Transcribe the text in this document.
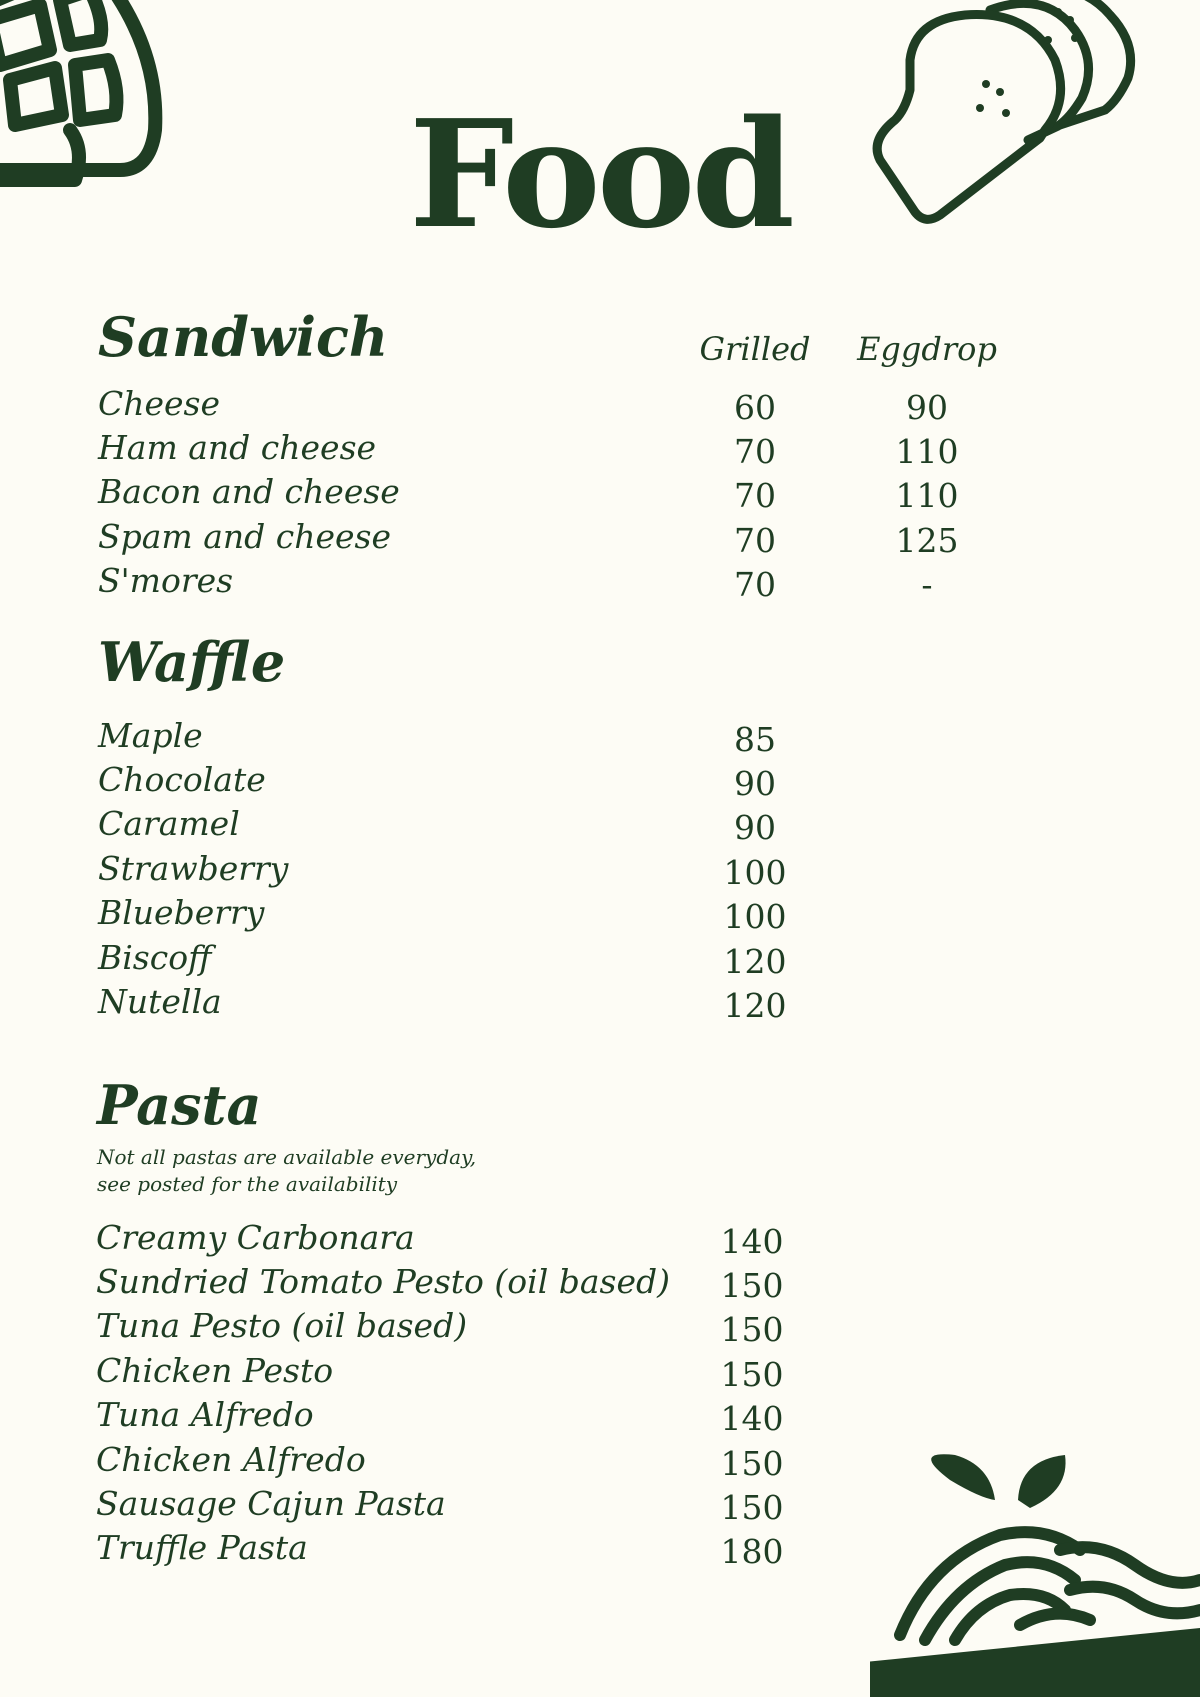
Food
Sandwich	Grilled	Eggdrop
Cheese	60	90
Ham and cheese	70	110
Bacon and cheese	70	110
Spam and cheese	70	125
S'mores	70	-
Waffle
Maple	85
Chocolate	90
Caramel	90
Strawberry	100
Blueberry	100
Biscoff	120
Nutella	120
Pasta
Not all pastas are available everyday,
see posted for the availability
Creamy Carbonara	140
Sundried Tomato Pesto (oil based)	150
Tuna Pesto (oil based)	150
Chicken Pesto	150
Tuna Alfredo	140
Chicken Alfredo	150
Sausage Cajun Pasta	150
Truffle Pasta	180
